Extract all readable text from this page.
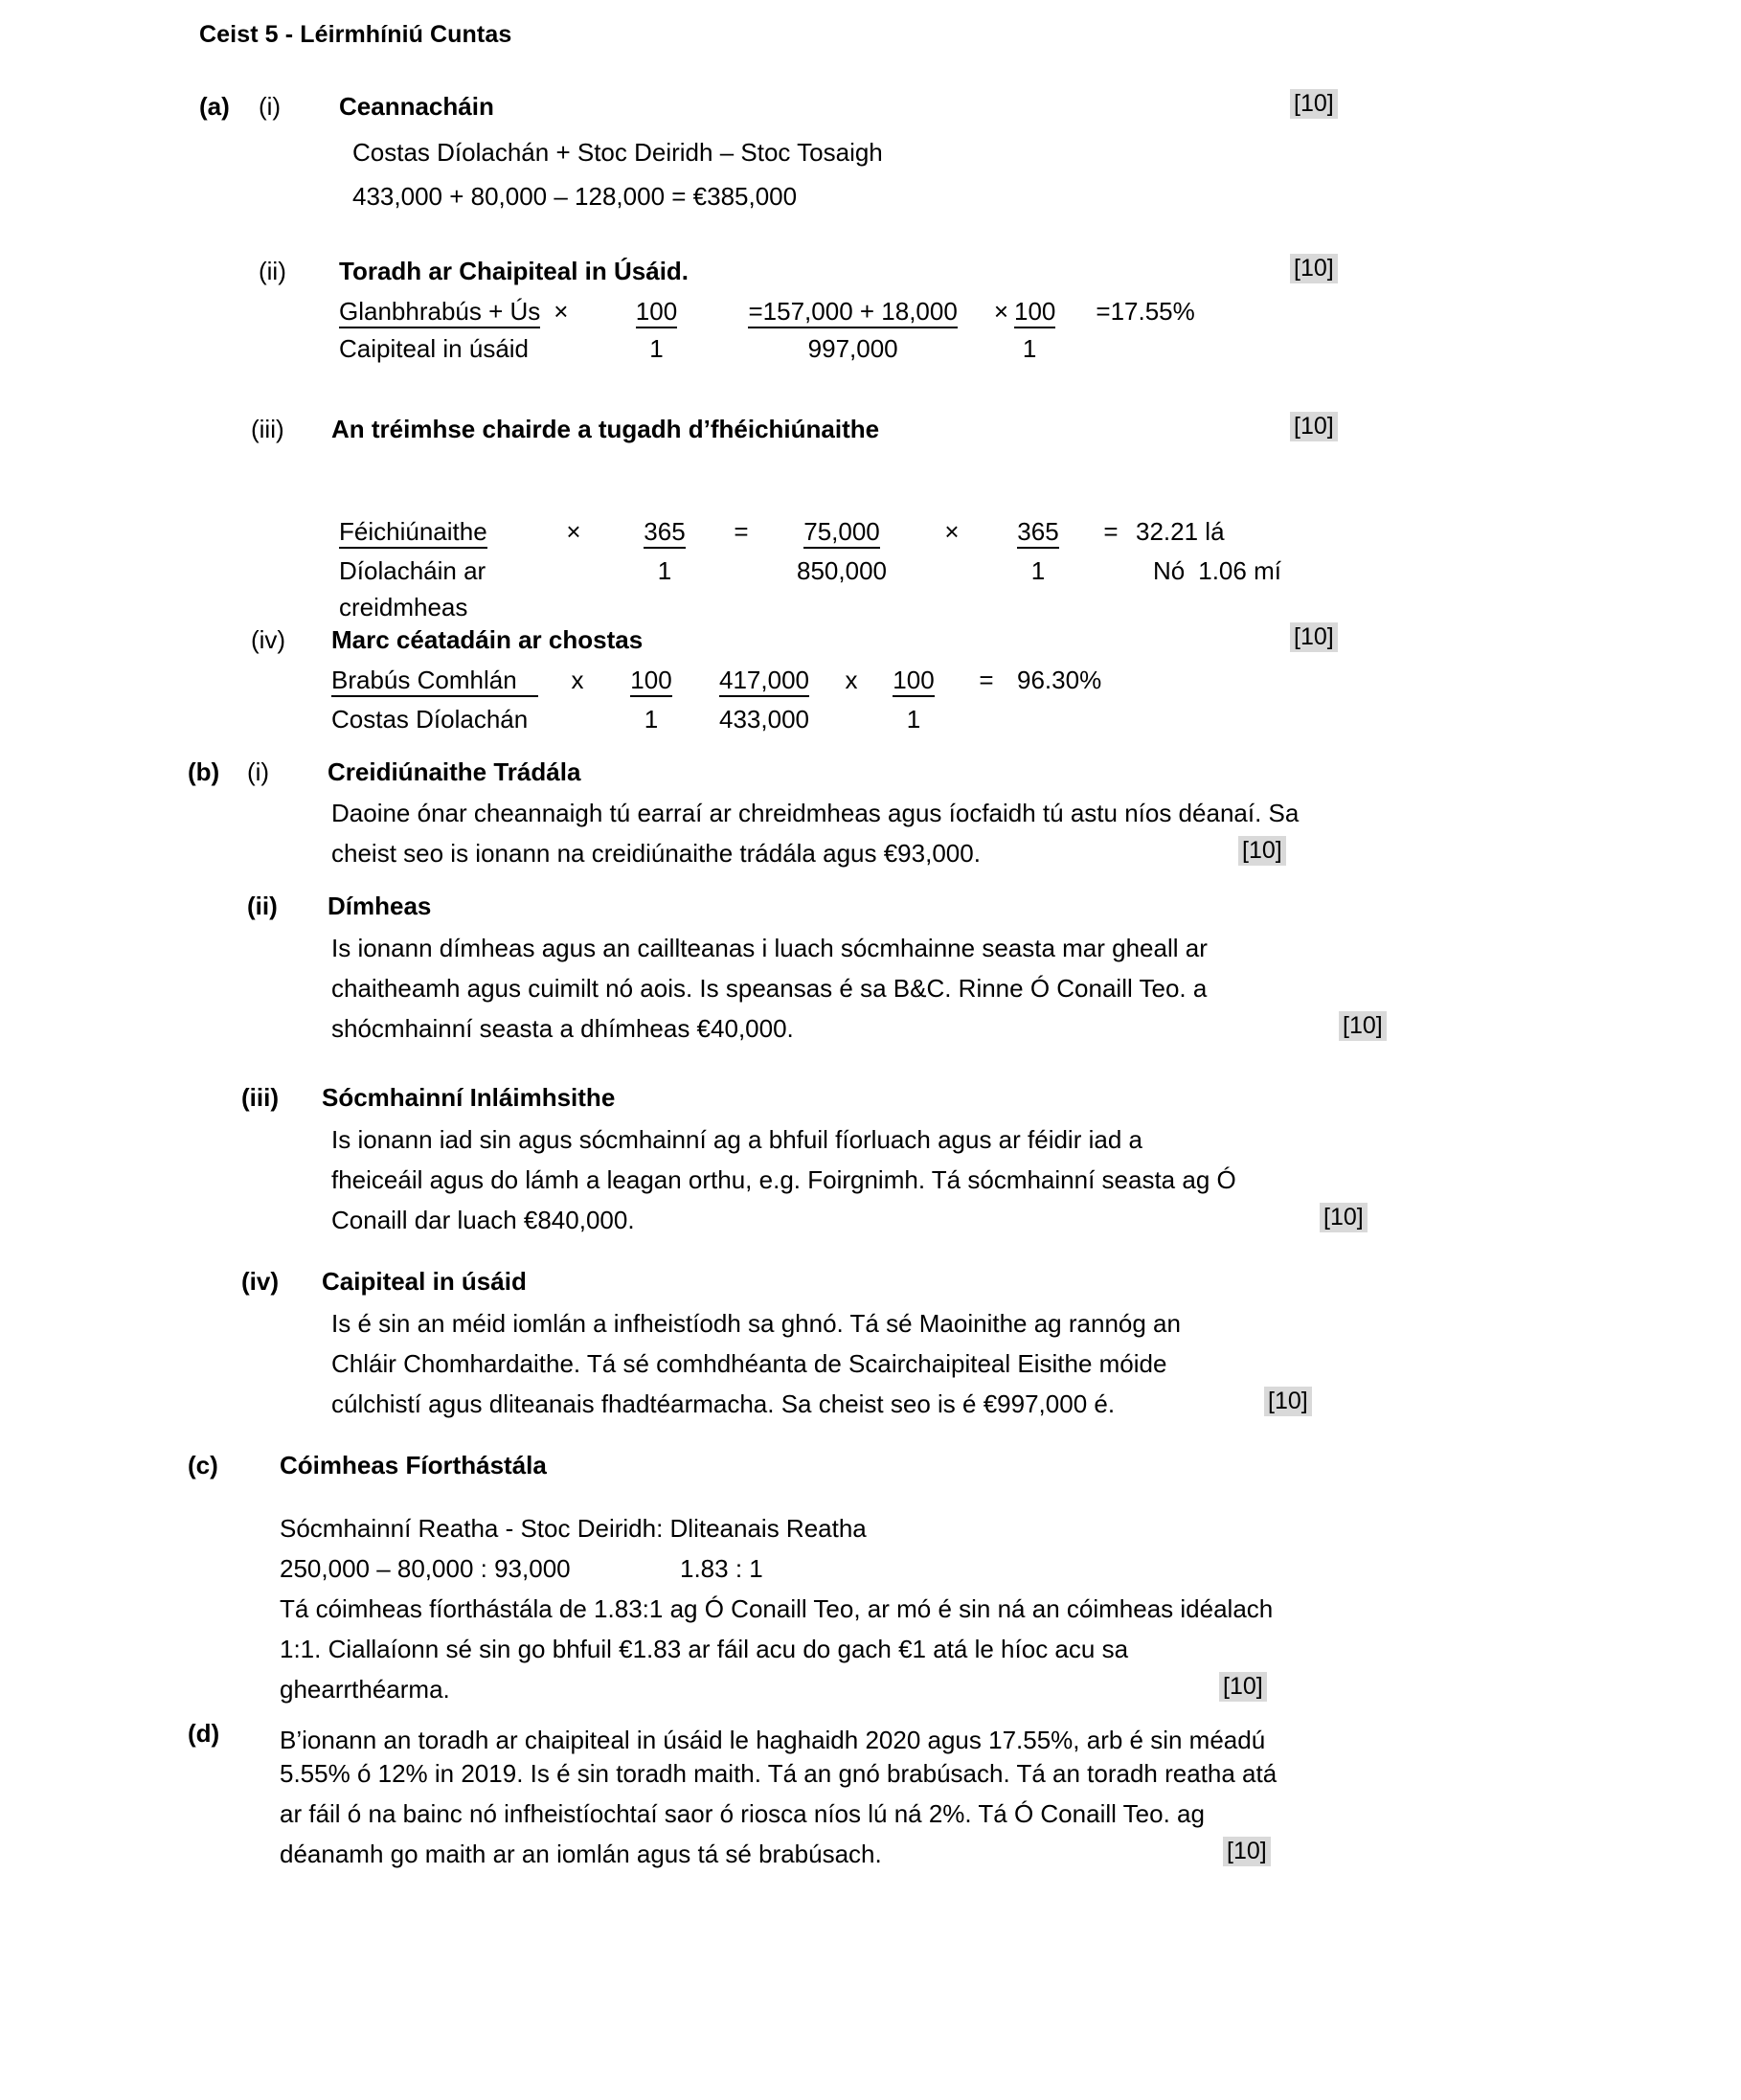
Ceist 5 - Léirmhíniú Cuntas
(a)	(i)	Ceannacháin	[10]
Costas Díolachán + Stoc Deiridh – Stoc Tosaigh
433,000 + 80,000 – 128,000 = €385,000
(ii)	Toradh ar Chaipiteal in Úsáid.	[10]
Glanbhrabús + Ús	×	100	=157,000 + 18,000	× 100	=17.55%
Caipiteal in úsáid		1	997,000	1	

(iii)	An tréimhse chairde a tugadh d’fhéichiúnaithe	[10]
Féichiúnaithe	×	365	=	75,000	×	365	=	32.21 lá
Díolacháin ar		1		850,000		1		Nó 1.06 mí
creidmheas								
(iv)	Marc céatadáin ar chostas	[10]
Brabús Comhlán	x	100	417,000	x	100	=	96.30%
Costas Díolachán		1	433,000		1		
(b)	(i)	Creidiúnaithe Trádála
Daoine ónar cheannaigh tú earraí ar chreidmheas agus íocfaidh tú astu níos déanaí. Sa
cheist seo is ionann na creidiúnaithe trádála agus €93,000.	[10]
(ii)	Dímheas
Is ionann dímheas agus an caillteanas i luach sócmhainne seasta mar gheall ar
chaitheamh agus cuimilt nó aois. Is speansas é sa B&C. Rinne Ó Conaill Teo. a
shócmhainní seasta a dhímheas €40,000.	[10]
(iii)	Sócmhainní Inláimhsithe
Is ionann iad sin agus sócmhainní ag a bhfuil fíorluach agus ar féidir iad a
fheiceáil agus do lámh a leagan orthu, e.g. Foirgnimh. Tá sócmhainní seasta ag Ó
Conaill dar luach €840,000.	[10]
(iv)	Caipiteal in úsáid
Is é sin an méid iomlán a infheistíodh sa ghnó. Tá sé Maoinithe ag rannóg an
Chláir Chomhardaithe. Tá sé comhdhéanta de Scairchaipiteal Eisithe móide
cúlchistí agus dliteanais fhadtéarmacha. Sa cheist seo is é €997,000 é.	[10]
(c)	Cóimheas Fíorthástála
Sócmhainní Reatha - Stoc Deiridh: Dliteanais Reatha
250,000 – 80,000 : 93,000	1.83 : 1
Tá cóimheas fíorthástála de 1.83:1 ag Ó Conaill Teo, ar mó é sin ná an cóimheas idéalach
1:1. Ciallaíonn sé sin go bhfuil €1.83 ar fáil acu do gach €1 atá le híoc acu sa
ghearrthéarma.	[10]
(d)	B’ionann an toradh ar chaipiteal in úsáid le haghaidh 2020 agus 17.55%, arb é sin méadú
5.55% ó 12% in 2019. Is é sin toradh maith. Tá an gnó brabúsach. Tá an toradh reatha atá
ar fáil ó na bainc nó infheistíochtaí saor ó riosca níos lú ná 2%. Tá Ó Conaill Teo. ag
déanamh go maith ar an iomlán agus tá sé brabúsach.	[10]
